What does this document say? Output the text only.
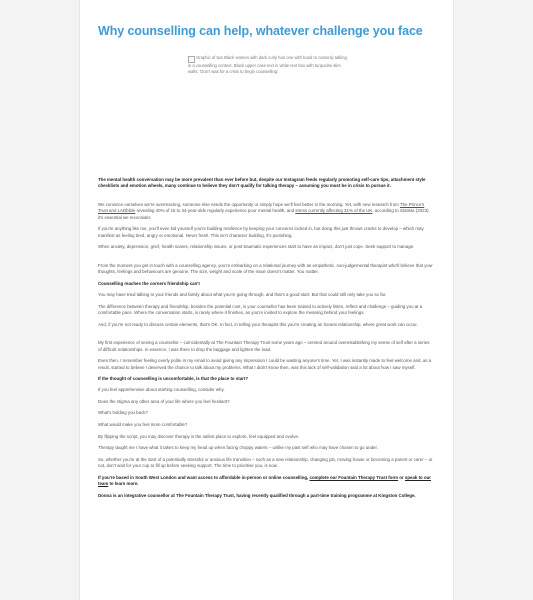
Why counselling can help, whatever challenge you face
Graphic of two Black women with dark curly hair one with hand to camera) talking in a counselling context. Black upper case text in white text box with turquoise slim walls: 'Don't wait for a crisis to begin counselling'.

The mental health conversation may be more prevalent than ever before but, despite our Instagram feeds regularly promoting self-care tips, attachment style checklists and emotion wheels, many continue to believe they don't qualify for talking therapy – assuming you must be in crisis to pursue it.

We convince ourselves we're overreacting, someone else needs the opportunity or simply hope we'll feel better in the morning. Yet, with new research from The Prince's Trust and LADbible revealing 40% of 16 to 34-year-olds regularly experience poor mental health, and stress currently affecting 31% of the UK, according to Statista (2023), it's essential we reconsider.

If you're anything like me, you'll even kid yourself you're building resilience by keeping your concerns locked in, but doing this just throws cracks to develop – which may manifest as feeling tired, angry or emotional. Never fresh. This isn't character building, it's punishing.

When anxiety, depression, grief, health scares, relationship issues, or post-traumatic experiences start to have an impact, don't just cope. Seek support to manage.

From the moment you get in touch with a counselling agency, you're embarking on a relational journey with an empathetic, non-judgemental therapist who'll believe that your thoughts, feelings and behaviours are genuine. The size, weight and scale of the issue doesn't matter. You matter.

Counselling reaches the corners friendship can't

You may have tried talking to your friends and family about what you're going through, and that's a good start. But that could still only take you so far.

The difference between therapy and friendship, besides the potential cost, is your counsellor has been trained to actively listen, reflect and challenge – guiding you at a comfortable pace. Where the conversation starts, is rarely where it finishes, as you're invited to explore the meaning behind your feelings.

And, if you're not ready to discuss certain elements, that's OK. In fact, in telling your therapist this you're creating an honest relationship, where great work can occur.

My first experience of seeing a counsellor – coincidentally at The Fountain Therapy Trust some years ago – centred around overestablishing my sense of self after a series of difficult relationships. In essence, I was there to drop the baggage and lighten the load.

Even then, I remember feeling overly polite in my email to avoid giving any impression I could be wasting anyone's time. Yet, I was instantly made to feel welcome and, as a result, started to believe I deserved the chance to talk about my problems. What I didn't know then, was this lack of self-validation said a lot about how I saw myself.

If the thought of counselling is uncomfortable, is that the place to start?

If you feel apprehensive about starting counselling, consider why.

Does the stigma any other area of your life where you feel hesitant?

What's holding you back?

What would make you feel more comfortable?

By flipping the script, you may discover therapy is the safest place to explore, feel equipped and evolve.

Therapy taught me I have what it takes to keep my head up when facing choppy waters – unlike my past self who may have chosen to go under.

So, whether you're at the start of a potentially stressful or anxious life transition – such as a new relationship, changing job, moving house or becoming a parent or carer – or not, don't wait for your cup to fill up before seeking support. The time to prioritise you, is now.

If you're based in South West London and want access to affordable in-person or online counselling, complete our Fountain Therapy Trust form or speak to our team to learn more.

Donna is an integrative counsellor at The Fountain Therapy Trust, having recently qualified through a part-time training programme at Kingston College.
